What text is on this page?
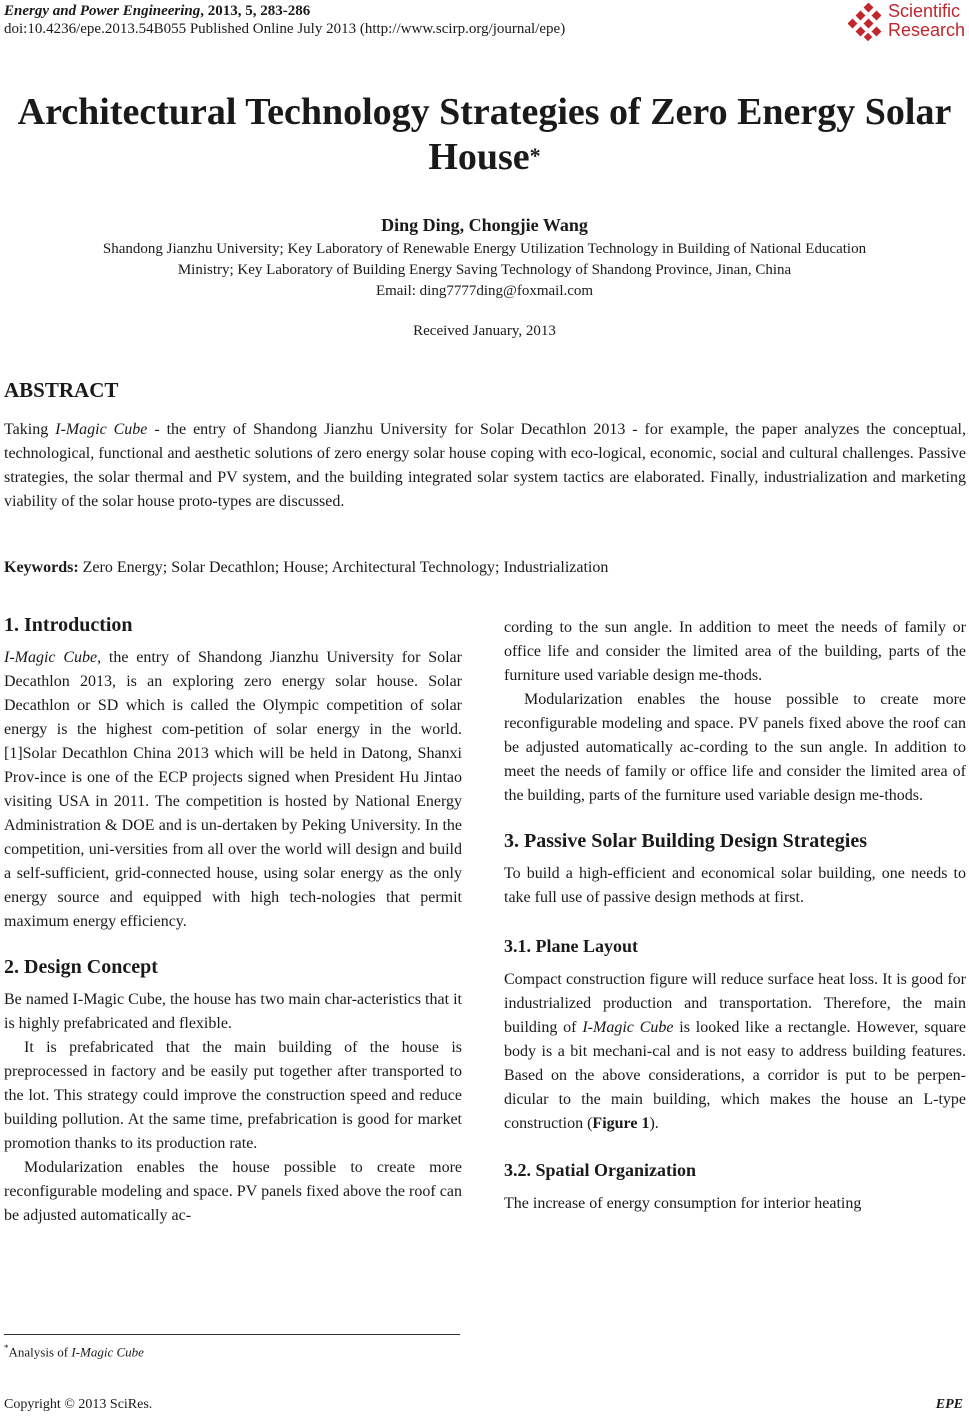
Energy and Power Engineering, 2013, 5, 283-286
doi:10.4236/epe.2013.54B055 Published Online July 2013 (http://www.scirp.org/journal/epe)
Scientific
Research
Architectural Technology Strategies of Zero Energy Solar
House*
Ding Ding, Chongjie Wang
Shandong Jianzhu University; Key Laboratory of Renewable Energy Utilization Technology in Building of National Education
Ministry; Key Laboratory of Building Energy Saving Technology of Shandong Province, Jinan, China
Email: ding7777ding@foxmail.com
Received January, 2013
ABSTRACT
Taking I-Magic Cube - the entry of Shandong Jianzhu University for Solar Decathlon 2013 - for example, the paper analyzes the conceptual, technological, functional and aesthetic solutions of zero energy solar house coping with eco-logical, economic, social and cultural challenges. Passive strategies, the solar thermal and PV system, and the building integrated solar system tactics are elaborated. Finally, industrialization and marketing viability of the solar house proto-types are discussed.
Keywords: Zero Energy; Solar Decathlon; House; Architectural Technology; Industrialization
1. Introduction

I-Magic Cube, the entry of Shandong Jianzhu University for Solar Decathlon 2013, is an exploring zero energy solar house. Solar Decathlon or SD which is called the Olympic competition of solar energy is the highest com-petition of solar energy in the world. [1]Solar Decathlon China 2013 which will be held in Datong, Shanxi Prov-ince is one of the ECP projects signed when President Hu Jintao visiting USA in 2011. The competition is hosted by National Energy Administration & DOE and is un-dertaken by Peking University. In the competition, uni-versities from all over the world will design and build a self-sufficient, grid-connected house, using solar energy as the only energy source and equipped with high tech-nologies that permit maximum energy efficiency.

2. Design Concept

Be named I-Magic Cube, the house has two main char-acteristics that it is highly prefabricated and flexible.

It is prefabricated that the main building of the house is preprocessed in factory and be easily put together after transported to the lot. This strategy could improve the construction speed and reduce building pollution. At the same time, prefabrication is good for market promotion thanks to its production rate.

Modularization enables the house possible to create more reconfigurable modeling and space. PV panels fixed above the roof can be adjusted automatically ac-

cording to the sun angle. In addition to meet the needs of family or office life and consider the limited area of the building, parts of the furniture used variable design me-thods.

Modularization enables the house possible to create more reconfigurable modeling and space. PV panels fixed above the roof can be adjusted automatically ac-cording to the sun angle. In addition to meet the needs of family or office life and consider the limited area of the building, parts of the furniture used variable design me-thods.

3. Passive Solar Building Design Strategies

To build a high-efficient and economical solar building, one needs to take full use of passive design methods at first.

3.1. Plane Layout

Compact construction figure will reduce surface heat loss. It is good for industrialized production and transportation. Therefore, the main building of I-Magic Cube is looked like a rectangle. However, square body is a bit mechani-cal and is not easy to address building features. Based on the above considerations, a corridor is put to be perpen-dicular to the main building, which makes the house an L-type construction (Figure 1).

3.2. Spatial Organization

The increase of energy consumption for interior heating

*Analysis of I-Magic Cube
Copyright © 2013 SciRes.	EPE
